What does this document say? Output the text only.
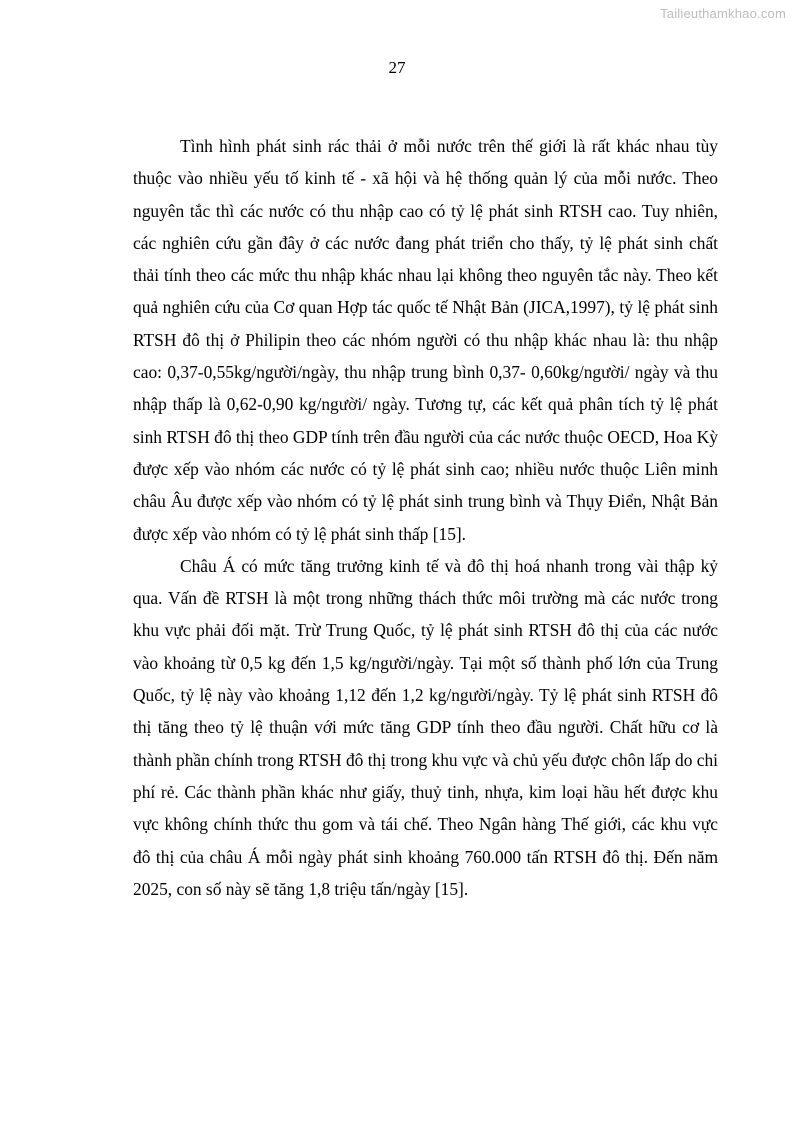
Tailieuthamkhao.com
27

Tình hình phát sinh rác thải ở mỗi nước trên thế giới là rất khác nhau tùy thuộc vào nhiều yếu tố kinh tế - xã hội và hệ thống quản lý của mỗi nước. Theo nguyên tắc thì các nước có thu nhập cao có tỷ lệ phát sinh RTSH cao. Tuy nhiên, các nghiên cứu gần đây ở các nước đang phát triển cho thấy, tỷ lệ phát sinh chất thải tính theo các mức thu nhập khác nhau lại không theo nguyên tắc này. Theo kết quả nghiên cứu của Cơ quan Hợp tác quốc tế Nhật Bản (JICA,1997), tỷ lệ phát sinh RTSH đô thị ở Philipin theo các nhóm người có thu nhập khác nhau là: thu nhập cao: 0,37-0,55kg/người/ngày, thu nhập trung bình 0,37- 0,60kg/người/ ngày và thu nhập thấp là 0,62-0,90 kg/người/ ngày. Tương tự, các kết quả phân tích tỷ lệ phát sinh RTSH đô thị theo GDP tính trên đầu người của các nước thuộc OECD, Hoa Kỳ được xếp vào nhóm các nước có tỷ lệ phát sinh cao; nhiều nước thuộc Liên minh châu Âu được xếp vào nhóm có tỷ lệ phát sinh trung bình và Thụy Điển, Nhật Bản được xếp vào nhóm có tỷ lệ phát sinh thấp [15].

Châu Á có mức tăng trưởng kinh tế và đô thị hoá nhanh trong vài thập kỷ qua. Vấn đề RTSH là một trong những thách thức môi trường mà các nước trong khu vực phải đối mặt. Trừ Trung Quốc, tỷ lệ phát sinh RTSH đô thị của các nước vào khoảng từ 0,5 kg đến 1,5 kg/người/ngày. Tại một số thành phố lớn của Trung Quốc, tỷ lệ này vào khoảng 1,12 đến 1,2 kg/người/ngày. Tỷ lệ phát sinh RTSH đô thị tăng theo tỷ lệ thuận với mức tăng GDP tính theo đầu người. Chất hữu cơ là thành phần chính trong RTSH đô thị trong khu vực và chủ yếu được chôn lấp do chi phí rẻ. Các thành phần khác như giấy, thuỷ tinh, nhựa, kim loại hầu hết được khu vực không chính thức thu gom và tái chế. Theo Ngân hàng Thế giới, các khu vực đô thị của châu Á mỗi ngày phát sinh khoảng 760.000 tấn RTSH đô thị. Đến năm 2025, con số này sẽ tăng 1,8 triệu tấn/ngày [15].
